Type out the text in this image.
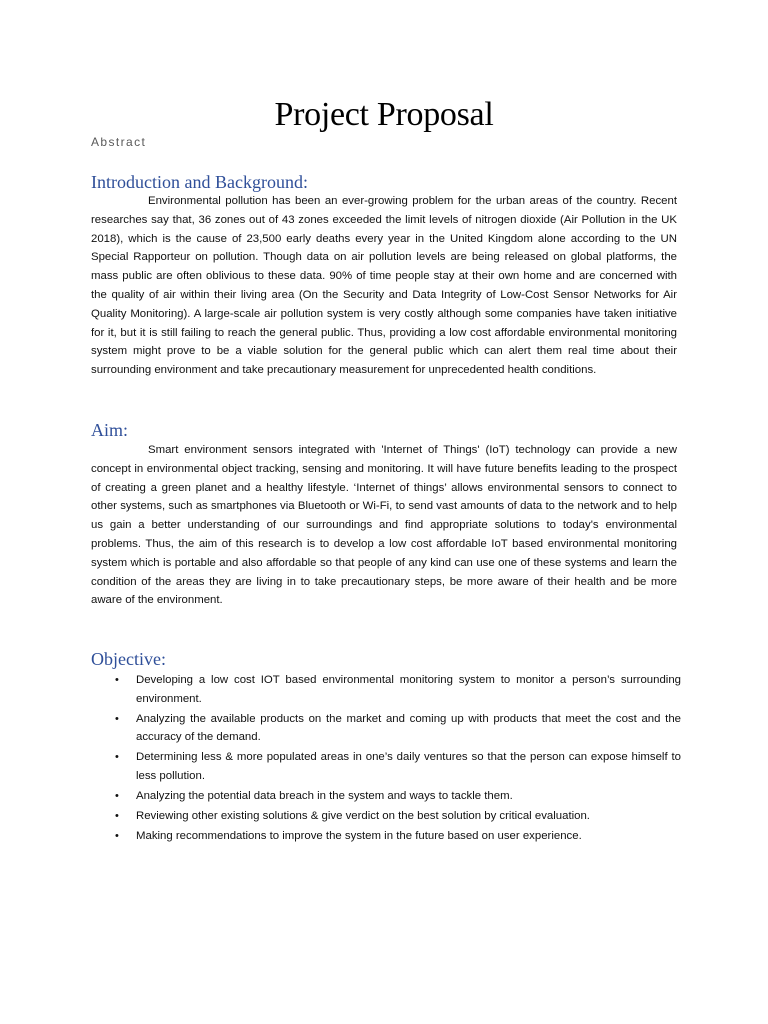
Project Proposal
Abstract
Introduction and Background:

Environmental pollution has been an ever-growing problem for the urban areas of the country. Recent researches say that, 36 zones out of 43 zones exceeded the limit levels of nitrogen dioxide (Air Pollution in the UK 2018), which is the cause of 23,500 early deaths every year in the United Kingdom alone according to the UN Special Rapporteur on pollution. Though data on air pollution levels are being released on global platforms, the mass public are often oblivious to these data. 90% of time people stay at their own home and are concerned with the quality of air within their living area (On the Security and Data Integrity of Low-Cost Sensor Networks for Air Quality Monitoring). A large-scale air pollution system is very costly although some companies have taken initiative for it, but it is still failing to reach the general public. Thus, providing a low cost affordable environmental monitoring system might prove to be a viable solution for the general public which can alert them real time about their surrounding environment and take precautionary measurement for unprecedented health conditions.

Aim:

Smart environment sensors integrated with 'Internet of Things' (IoT) technology can provide a new concept in environmental object tracking, sensing and monitoring. It will have future benefits leading to the prospect of creating a green planet and a healthy lifestyle. ‘Internet of things’ allows environmental sensors to connect to other systems, such as smartphones via Bluetooth or Wi-Fi, to send vast amounts of data to the network and to help us gain a better understanding of our surroundings and find appropriate solutions to today's environmental problems. Thus, the aim of this research is to develop a low cost affordable IoT based environmental monitoring system which is portable and also affordable so that people of any kind can use one of these systems and learn the condition of the areas they are living in to take precautionary steps, be more aware of their health and be more aware of the environment.

Objective:
• Developing a low cost IOT based environmental monitoring system to monitor a person’s surrounding environment.
• Analyzing the available products on the market and coming up with products that meet the cost and the accuracy of the demand.
• Determining less & more populated areas in one’s daily ventures so that the person can expose himself to less pollution.
• Analyzing the potential data breach in the system and ways to tackle them.
• Reviewing other existing solutions & give verdict on the best solution by critical evaluation.
• Making recommendations to improve the system in the future based on user experience.
